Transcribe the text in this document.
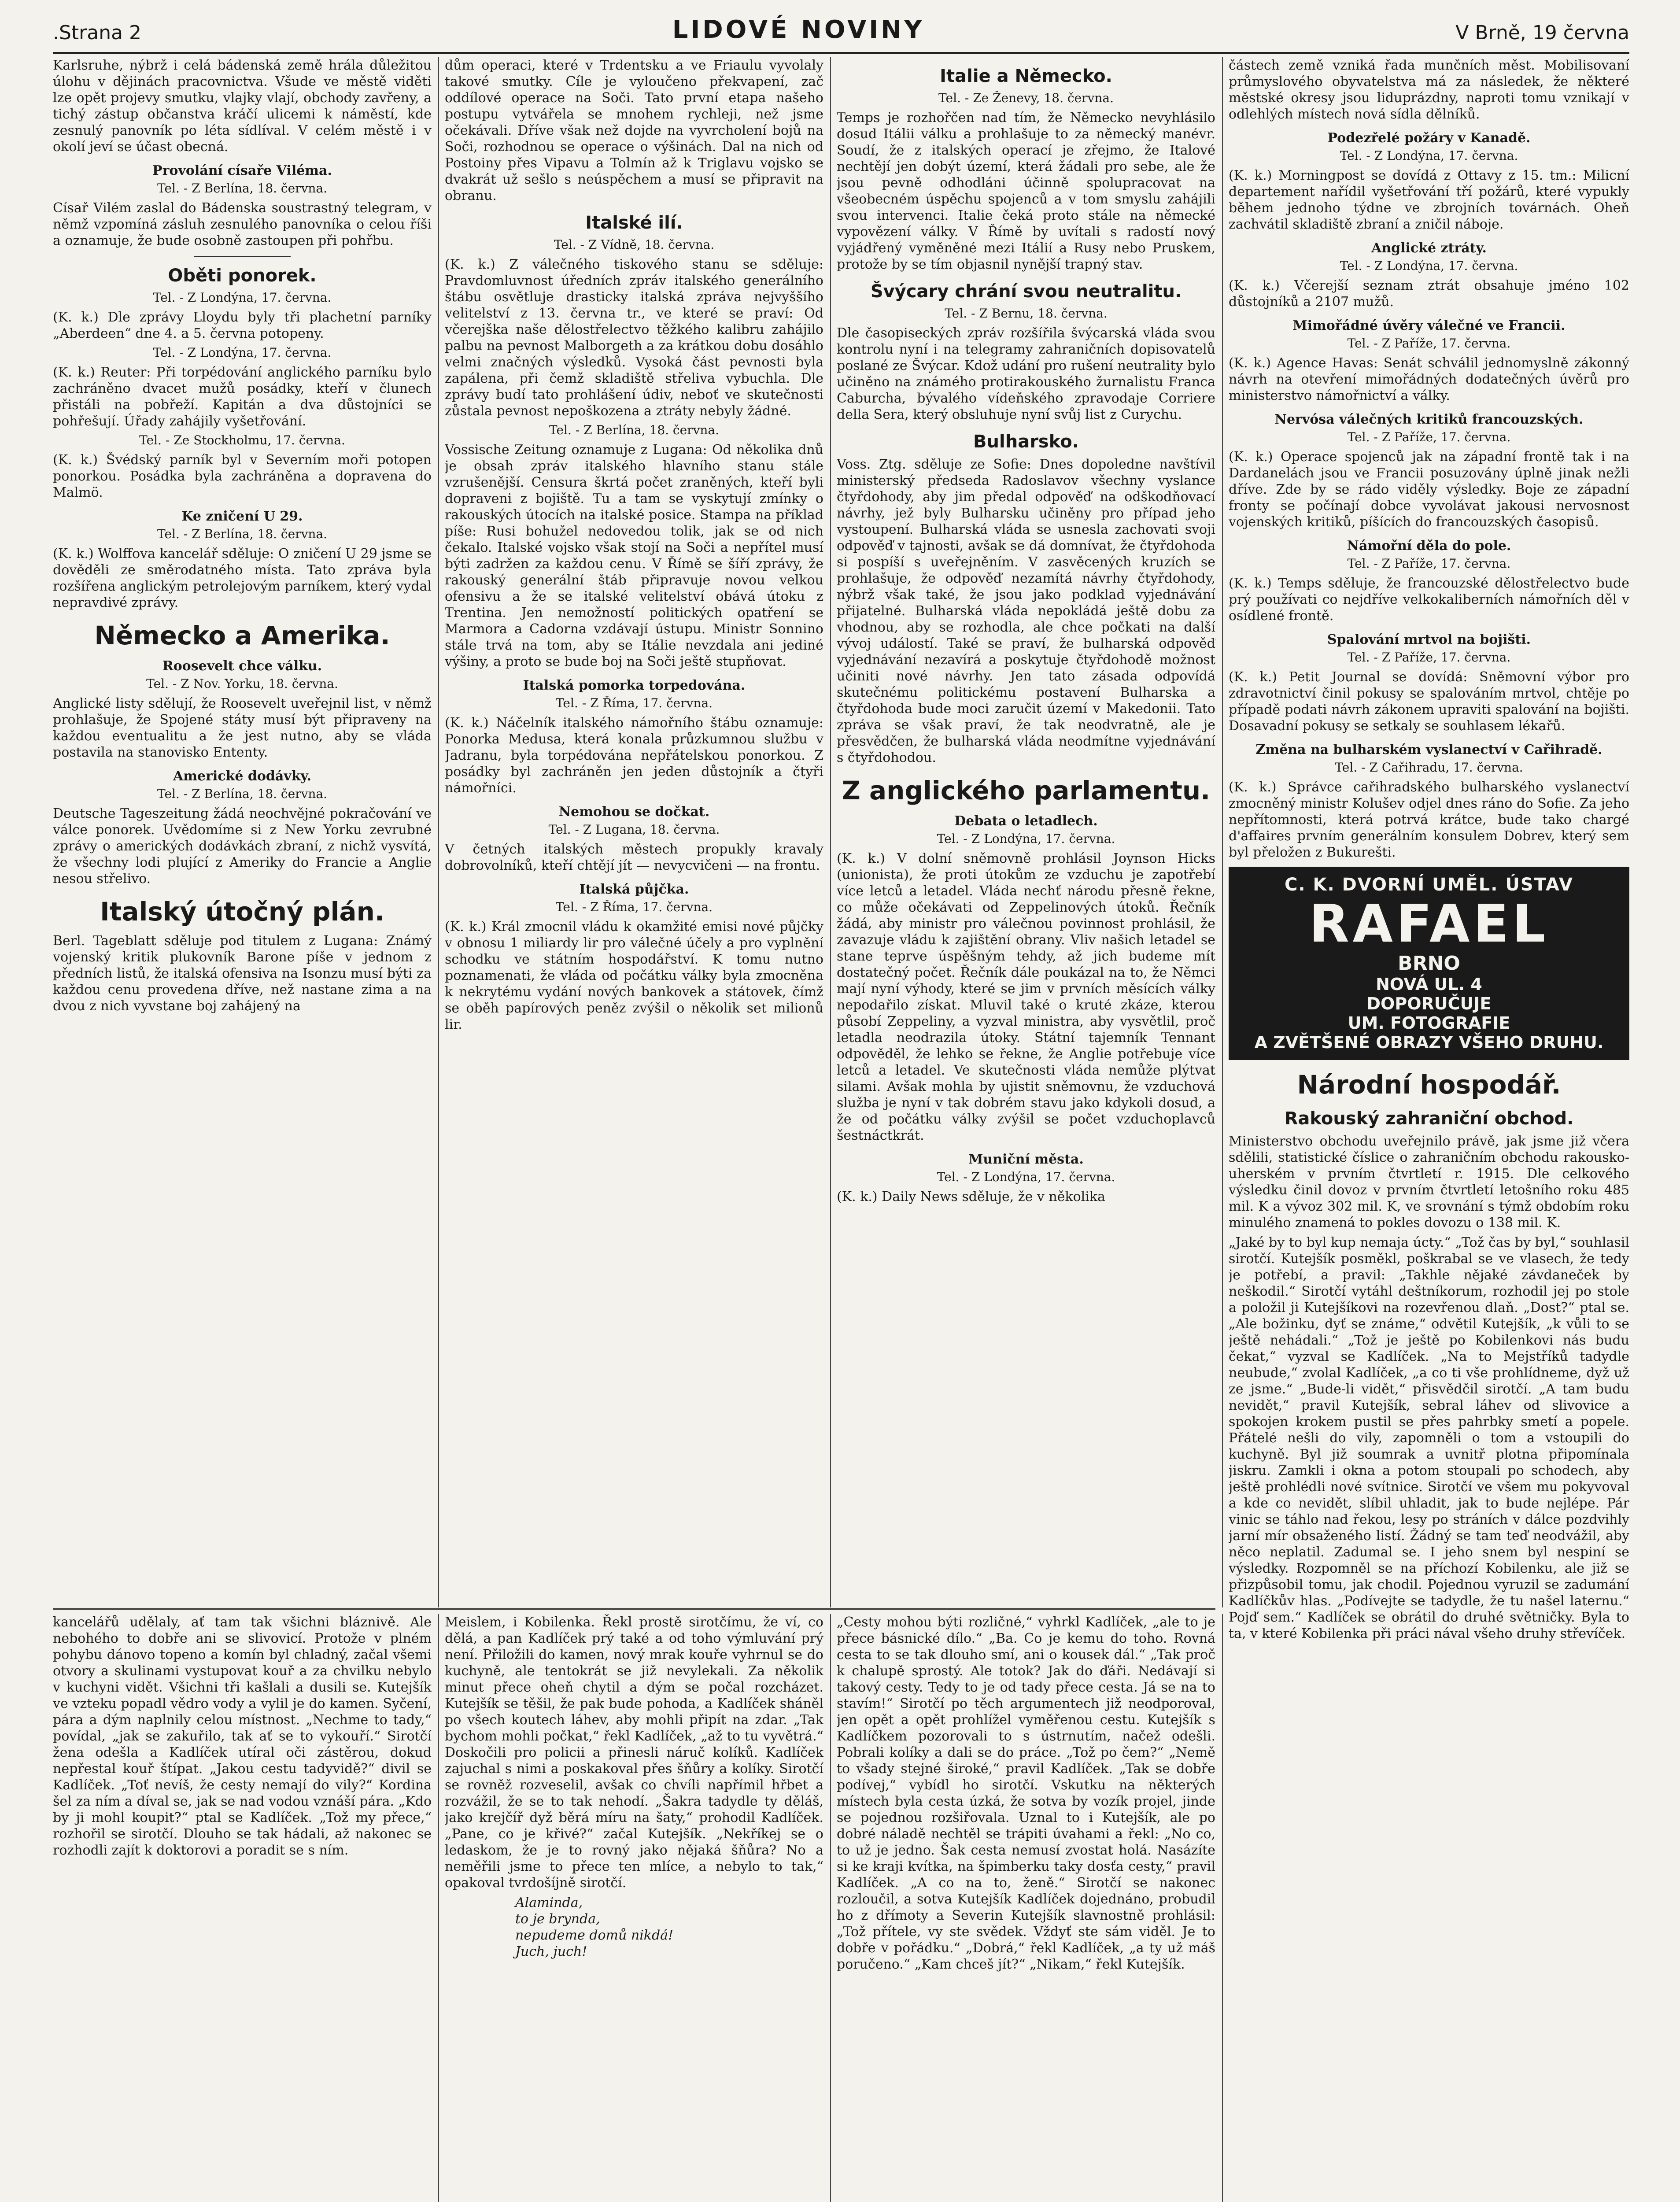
.Strana 2	LIDOVÉ NOVINY	V Brně, 19 června

Karlsruhe, nýbrž i celá bádenská země hrála důležitou úlohu v dějinách pracovnictva. Všude ve městě viděti lze opět projevy smutku, vlajky vlají, obchody zavřeny, a tichý zástup občanstva kráčí ulicemi k náměstí, kde zesnulý panovník po léta sídlíval. V celém městě i v okolí jeví se účast obecná.

Provolání císaře Viléma.
Tel. - Z Berlína, 18. června.

Císař Vilém zaslal do Bádenska soustrastný telegram, v němž vzpomíná zásluh zesnulého panovníka o celou říši a oznamuje, že bude osobně zastoupen při pohřbu.

Oběti ponorek.
Tel. - Z Londýna, 17. června.

(K. k.) Dle zprávy Lloydu byly tři plachetní parníky „Aberdeen“ dne 4. a 5. června potopeny.

Tel. - Z Londýna, 17. června.

(K. k.) Reuter: Při torpédování anglického parníku bylo zachráněno dvacet mužů posádky, kteří v člunech přistáli na pobřeží. Kapitán a dva důstojníci se pohřešují. Úřady zahájily vyšetřování.

Tel. - Ze Stockholmu, 17. června.

(K. k.) Švédský parník byl v Severním moři potopen ponorkou. Posádka byla zachráněna a dopravena do Malmö.

Ke zničení U 29.
Tel. - Z Berlína, 18. června.

(K. k.) Wolffova kancelář sděluje: O zničení U 29 jsme se dověděli ze směrodatného místa. Tato zpráva byla rozšířena anglickým petrolejovým parníkem, který vydal nepravdivé zprávy.

Německo a Amerika.
Roosevelt chce válku.
Tel. - Z Nov. Yorku, 18. června.

Anglické listy sdělují, že Roosevelt uveřejnil list, v němž prohlašuje, že Spojené státy musí být připraveny na každou eventualitu a že jest nutno, aby se vláda postavila na stanovisko Ententy.

Americké dodávky.
Tel. - Z Berlína, 18. června.

Deutsche Tageszeitung žádá neochvějné pokračování ve válce ponorek. Uvědomíme si z New Yorku zevrubné zprávy o amerických dodávkách zbraní, z nichž vysvítá, že všechny lodi plující z Ameriky do Francie a Anglie nesou střelivo.

Italský útočný plán.

Berl. Tageblatt sděluje pod titulem z Lugana: Známý vojenský kritik plukovník Barone píše v jednom z předních listů, že italská ofensiva na Isonzu musí býti za každou cenu provedena dříve, než nastane zima a na dvou z nich vyvstane boj zahájený na

dům operaci, které v Trdentsku a ve Friaulu vyvolaly takové smutky. Cíle je vyloučeno překvapení, zač oddílové operace na Soči. Tato první etapa našeho postupu vytvářela se mnohem rychleji, než jsme očekávali. Dříve však než dojde na vyvrcholení bojů na Soči, rozhodnou se operace o výšinách. Dal na nich od Postoiny přes Vipavu a Tolmín až k Triglavu vojsko se dvakrát už sešlo s neúspěchem a musí se připravit na obranu.

Italské ilí.
Tel. - Z Vídně, 18. června.

(K. k.) Z válečného tiskového stanu se sděluje: Pravdomluvnost úředních zpráv italského generálního štábu osvětluje drasticky italská zpráva nejvyššího velitelství z 13. června tr., ve které se praví: Od včerejška naše dělostřelectvo těžkého kalibru zahájilo palbu na pevnost Malborgeth a za krátkou dobu dosáhlo velmi značných výsledků. Vysoká část pevnosti byla zapálena, při čemž skladiště střeliva vybuchla. Dle zprávy budí tato prohlášení údiv, neboť ve skutečnosti zůstala pevnost nepoškozena a ztráty nebyly žádné.

Tel. - Z Berlína, 18. června.

Vossische Zeitung oznamuje z Lugana: Od několika dnů je obsah zpráv italského hlavního stanu stále vzrušenější. Censura škrtá počet zraněných, kteří byli dopraveni z bojiště. Tu a tam se vyskytují zmínky o rakouských útocích na italské posice. Stampa na příklad píše: Rusi bohužel nedovedou tolik, jak se od nich čekalo. Italské vojsko však stojí na Soči a nepřítel musí býti zadržen za každou cenu. V Římě se šíří zprávy, že rakouský generální štáb připravuje novou velkou ofensivu a že se italské velitelství obává útoku z Trentina. Jen nemožností politických opatření se Marmora a Cadorna vzdávají ústupu. Ministr Sonnino stále trvá na tom, aby se Itálie nevzdala ani jediné výšiny, a proto se bude boj na Soči ještě stupňovat.

Italská pomorka torpedována.
Tel. - Z Říma, 17. června.

(K. k.) Náčelník italského námořního štábu oznamuje: Ponorka Medusa, která konala průzkumnou službu v Jadranu, byla torpédována nepřátelskou ponorkou. Z posádky byl zachráněn jen jeden důstojník a čtyři námořníci.

Nemohou se dočkat.
Tel. - Z Lugana, 18. června.

V četných italských městech propukly kravaly dobrovolníků, kteří chtějí jít — nevycvičeni — na frontu.

Italská půjčka.
Tel. - Z Říma, 17. června.

(K. k.) Král zmocnil vládu k okamžité emisi nové půjčky v obnosu 1 miliardy lir pro válečné účely a pro vyplnění schodku ve státním hospodářství. K tomu nutno poznamenati, že vláda od počátku války byla zmocněna k nekrytému vydání nových bankovek a státovek, čímž se oběh papírových peněz zvýšil o několik set milionů lir.

Italie a Německo.
Tel. - Ze Ženevy, 18. června.

Temps je rozhořčen nad tím, že Německo nevyhlásilo dosud Itálii válku a prohlašuje to za německý manévr. Soudí, že z italských operací je zřejmo, že Italové nechtějí jen dobýt území, která žádali pro sebe, ale že jsou pevně odhodláni účinně spolupracovat na všeobecném úspěchu spojenců a v tom smyslu zahájili svou intervenci. Italie čeká proto stále na německé vypovězení války. V Římě by uvítali s radostí nový vyjádřený vyměněné mezi Itálií a Rusy nebo Pruskem, protože by se tím objasnil nynější trapný stav.

Švýcary chrání svou neutralitu.
Tel. - Z Bernu, 18. června.

Dle časopiseckých zpráv rozšířila švýcarská vláda svou kontrolu nyní i na telegramy zahraničních dopisovatelů poslané ze Švýcar. Kdož udání pro rušení neutrality bylo učiněno na známého protirakouského žurnalistu Franca Caburcha, bývalého vídeňského zpravodaje Corriere della Sera, který obsluhuje nyní svůj list z Curychu.

Bulharsko.

Voss. Ztg. sděluje ze Sofie: Dnes dopoledne navštívil ministerský předseda Radoslavov všechny vyslance čtyřdohody, aby jim předal odpověď na odškodňovací návrhy, jež byly Bulharsku učiněny pro případ jeho vystoupení. Bulharská vláda se usnesla zachovati svoji odpověď v tajnosti, avšak se dá domnívat, že čtyřdohoda si pospíší s uveřejněním. V zasvěcených kruzích se prohlašuje, že odpověď nezamítá návrhy čtyřdohody, nýbrž však také, že jsou jako podklad vyjednávání přijatelné. Bulharská vláda nepokládá ještě dobu za vhodnou, aby se rozhodla, ale chce počkati na další vývoj událostí. Také se praví, že bulharská odpověď vyjednávání nezavírá a poskytuje čtyřdohodě možnost učiniti nové návrhy. Jen tato zásada odpovídá skutečnému politickému postavení Bulharska a čtyřdohoda bude moci zaručit území v Makedonii. Tato zpráva se však praví, že tak neodvratně, ale je přesvědčen, že bulharská vláda neodmítne vyjednávání s čtyřdohodou.

Z anglického parlamentu.
Debata o letadlech.
Tel. - Z Londýna, 17. června.

(K. k.) V dolní sněmovně prohlásil Joynson Hicks (unionista), že proti útokům ze vzduchu je zapotřebí více letců a letadel. Vláda nechť národu přesně řekne, co může očekávati od Zeppelinových útoků. Řečník žádá, aby ministr pro válečnou povinnost prohlásil, že zavazuje vládu k zajištění obrany. Vliv našich letadel se stane teprve úspěšným tehdy, až jich budeme mít dostatečný počet. Řečník dále poukázal na to, že Němci mají nyní výhody, které se jim v prvních měsících války nepodařilo získat. Mluvil také o kruté zkáze, kterou působí Zeppeliny, a vyzval ministra, aby vysvětlil, proč letadla neodrazila útoky. Státní tajemník Tennant odpověděl, že lehko se řekne, že Anglie potřebuje více letců a letadel. Ve skutečnosti vláda nemůže plýtvat silami. Avšak mohla by ujistit sněmovnu, že vzduchová služba je nyní v tak dobrém stavu jako kdykoli dosud, a že od počátku války zvýšil se počet vzduchoplavců šestnáctkrát.

Muniční města.
Tel. - Z Londýna, 17. června.

(K. k.) Daily News sděluje, že v několika

částech země vzniká řada munčních měst. Mobilisovaní průmyslového obyvatelstva má za následek, že některé městské okresy jsou liduprázdny, naproti tomu vznikají v odlehlých místech nová sídla dělníků.

Podezřelé požáry v Kanadě.
Tel. - Z Londýna, 17. června.

(K. k.) Morningpost se dovídá z Ottavy z 15. tm.: Milicní departement nařídil vyšetřování tří požárů, které vypukly během jednoho týdne ve zbrojních továrnách. Oheň zachvátil skladiště zbraní a zničil náboje.

Anglické ztráty.
Tel. - Z Londýna, 17. června.

(K. k.) Včerejší seznam ztrát obsahuje jméno 102 důstojníků a 2107 mužů.

Mimořádné úvěry válečné ve Francii.
Tel. - Z Paříže, 17. června.

(K. k.) Agence Havas: Senát schválil jednomyslně zákonný návrh na otevření mimořádných dodatečných úvěrů pro ministerstvo námořnictví a války.

Nervósa válečných kritiků francouzských.
Tel. - Z Paříže, 17. června.

(K. k.) Operace spojenců jak na západní frontě tak i na Dardanelách jsou ve Francii posuzovány úplně jinak nežli dříve. Zde by se rádo viděly výsledky. Boje ze západní fronty se počínají dobce vyvolávat jakousi nervosnost vojenských kritiků, píšících do francouzských časopisů.

Námořní děla do pole.
Tel. - Z Paříže, 17. června.

(K. k.) Temps sděluje, že francouzské dělostřelectvo bude prý používati co nejdříve velkokaliberních námořních děl v osídlené frontě.

Spalování mrtvol na bojišti.
Tel. - Z Paříže, 17. června.

(K. k.) Petit Journal se dovídá: Sněmovní výbor pro zdravotnictví činil pokusy se spalováním mrtvol, chtěje po případě podati návrh zákonem upraviti spalování na bojišti. Dosavadní pokusy se setkaly se souhlasem lékařů.

Změna na bulharském vyslanectví v Cařihradě.
Tel. - Z Cařihradu, 17. června.

(K. k.) Správce cařihradského bulharského vyslanectví zmocněný ministr Kolušev odjel dnes ráno do Sofie. Za jeho nepřítomnosti, která potrvá krátce, bude tako chargé d'affaires prvním generálním konsulem Dobrev, který sem byl přeložen z Bukurešti.

C. K. DVORNÍ UMĚL. ÚSTAV
RAFAEL
BRNO
NOVÁ UL. 4
DOPORUČUJE
UM. FOTOGRAFIE
A ZVĚTŠENÉ OBRAZY VŠEHO DRUHU.
Národní hospodář.
Rakouský zahraniční obchod.

Ministerstvo obchodu uveřejnilo právě, jak jsme již včera sdělili, statistické číslice o zahraničním obchodu rakousko-uherském v prvním čtvrtletí r. 1915. Dle celkového výsledku činil dovoz v prvním čtvrtletí letošního roku 485 mil. K a vývoz 302 mil. K, ve srovnání s týmž obdobím roku minulého znamená to pokles dovozu o 138 mil. K.

„Jaké by to byl kup nemaja úcty.“ „Tož čas by byl,“ souhlasil sirotčí. Kutejšík posměkl, poškrabal se ve vlasech, že tedy je potřebí, a pravil: „Takhle nějaké závdaneček by neškodil.“ Sirotčí vytáhl deštníkorum, rozhodil jej po stole a položil ji Kutejšíkovi na rozevřenou dlaň. „Dost?“ ptal se. „Ale božinku, dyť se známe,“ odvětil Kutejšík, „k vůli to se ještě nehádali.“ „Tož je ještě po Kobilenkovi nás budu čekat,“ vyzval se Kadlíček. „Na to Mejstříků tadydle neubude,“ zvolal Kadlíček, „a co ti vše prohlídneme, dyž už ze jsme.“ „Bude-li vidět,“ přisvědčil sirotčí. „A tam budu nevidět,“ pravil Kutejšík, sebral láhev od slivovice a spokojen krokem pustil se přes pahrbky smetí a popele. Přátelé nešli do vily, zapomněli o tom a vstoupili do kuchyně. Byl již soumrak a uvnitř plotna připomínala jiskru. Zamkli i okna a potom stoupali po schodech, aby ještě prohlédli nové svítnice. Sirotčí ve všem mu pokyvoval a kde co nevidět, slíbil uhladit, jak to bude nejlépe. Pár vinic se táhlo nad řekou, lesy po stráních v dálce pozdvihly jarní mír obsaženého listí. Žádný se tam teď neodvážil, aby něco neplatil. Zadumal se. I jeho snem byl nespiní se výsledky. Rozpomněl se na příchozí Kobilenku, ale již se přizpůsobil tomu, jak chodil. Pojednou vyruzil se zadumání Kadlíčkův hlas. „Podívejte se tadydle, že tu našel laternu.“ Pojď sem.“ Kadlíček se obrátil do druhé světničky. Byla to ta, v které Kobilenka při práci nával všeho druhy střevíček.

kancelářů udělaly, ať tam tak všichni bláznivě. Ale nebohého to dobře ani se slivovicí. Protože v plném pohybu dánovo topeno a komín byl chladný, začal všemi otvory a skulinami vystupovat kouř a za chvilku nebylo v kuchyni vidět. Všichni tři kašlali a dusili se. Kutejšík ve vzteku popadl vědro vody a vylil je do kamen. Syčení, pára a dým naplnily celou místnost. „Nechme to tady,“ povídal, „jak se zakuřilo, tak ať se to vykouří.“ Sirotčí žena odešla a Kadlíček utíral oči zástěrou, dokud nepřestal kouř štípat. „Jakou cestu tadyvidě?“ divil se Kadlíček. „Toť nevíš, že cesty nemají do vily?“ Kordina šel za ním a díval se, jak se nad vodou vznáší pára. „Kdo by ji mohl koupit?“ ptal se Kadlíček. „Tož my přece,“ rozhořil se sirotčí. Dlouho se tak hádali, až nakonec se rozhodli zajít k doktorovi a poradit se s ním.

Meislem, i Kobilenka. Řekl prostě sirotčímu, že ví, co dělá, a pan Kadlíček prý také a od toho výmluvání prý není. Přiložili do kamen, nový mrak kouře vyhrnul se do kuchyně, ale tentokrát se již nevylekali. Za několik minut přece oheň chytil a dým se počal rozcházet. Kutejšík se těšil, že pak bude pohoda, a Kadlíček sháněl po všech koutech láhev, aby mohli připít na zdar. „Tak bychom mohli počkat,“ řekl Kadlíček, „až to tu vyvětrá.“ Doskočili pro policii a přinesli náruč kolíků. Kadlíček zajuchal s nimi a poskakoval přes šňůry a kolíky. Sirotčí se rovněž rozveselil, avšak co chvíli napřímil hřbet a rozvážil, že se to tak nehodí. „Šakra tadydle ty děláš, jako krejčíř dyž běrá míru na šaty,“ prohodil Kadlíček. „Pane, co je křivé?“ začal Kutejšík. „Nekříkej se o ledaskom, že je to rovný jako nějaká šňůra? No a neměřili jsme to přece ten mlíce, a nebylo to tak,“ opakoval tvrdošíjně sirotčí.

Alaminda,
to je brynda,
nepudeme domů nikdá!
Juch, juch!

„Cesty mohou býti rozličné,“ vyhrkl Kadlíček, „ale to je přece básnické dílo.“ „Ba. Co je kemu do toho. Rovná cesta to se tak dlouho smí, ani o kousek dál.“ „Tak proč k chalupě sprostý. Ale totok? Jak do ďáři. Nedávají si takový cesty. Tedy to je od tady přece cesta. Já se na to stavím!“ Sirotčí po těch argumentech již neodporoval, jen opět a opět prohlížel vyměřenou cestu. Kutejšík s Kadlíčkem pozorovali to s ústrnutím, načež odešli. Pobrali kolíky a dali se do práce. „Tož po čem?“ „Nemě to všady stejné široké,“ pravil Kadlíček. „Tak se dobře podívej,“ vybídl ho sirotčí. Vskutku na některých místech byla cesta úzká, že sotva by vozík projel, jinde se pojednou rozšiřovala. Uznal to i Kutejšík, ale po dobré náladě nechtěl se trápiti úvahami a řekl: „No co, to už je jedno. Šak cesta nemusí zvostat holá. Nasázíte si ke kraji kvítka, na špimberku taky dosťa cesty,“ pravil Kadlíček. „A co na to, ženě.“ Sirotčí se nakonec rozloučil, a sotva Kutejšík Kadlíček dojednáno, probudil ho z dřímoty a Severin Kutejšík slavnostně prohlásil: „Tož přítele, vy ste svědek. Vždyť ste sám viděl. Je to dobře v pořádku.“ „Dobrá,“ řekl Kadlíček, „a ty už máš poručeno.“ „Kam chceš jít?“ „Nikam,“ řekl Kutejšík.
